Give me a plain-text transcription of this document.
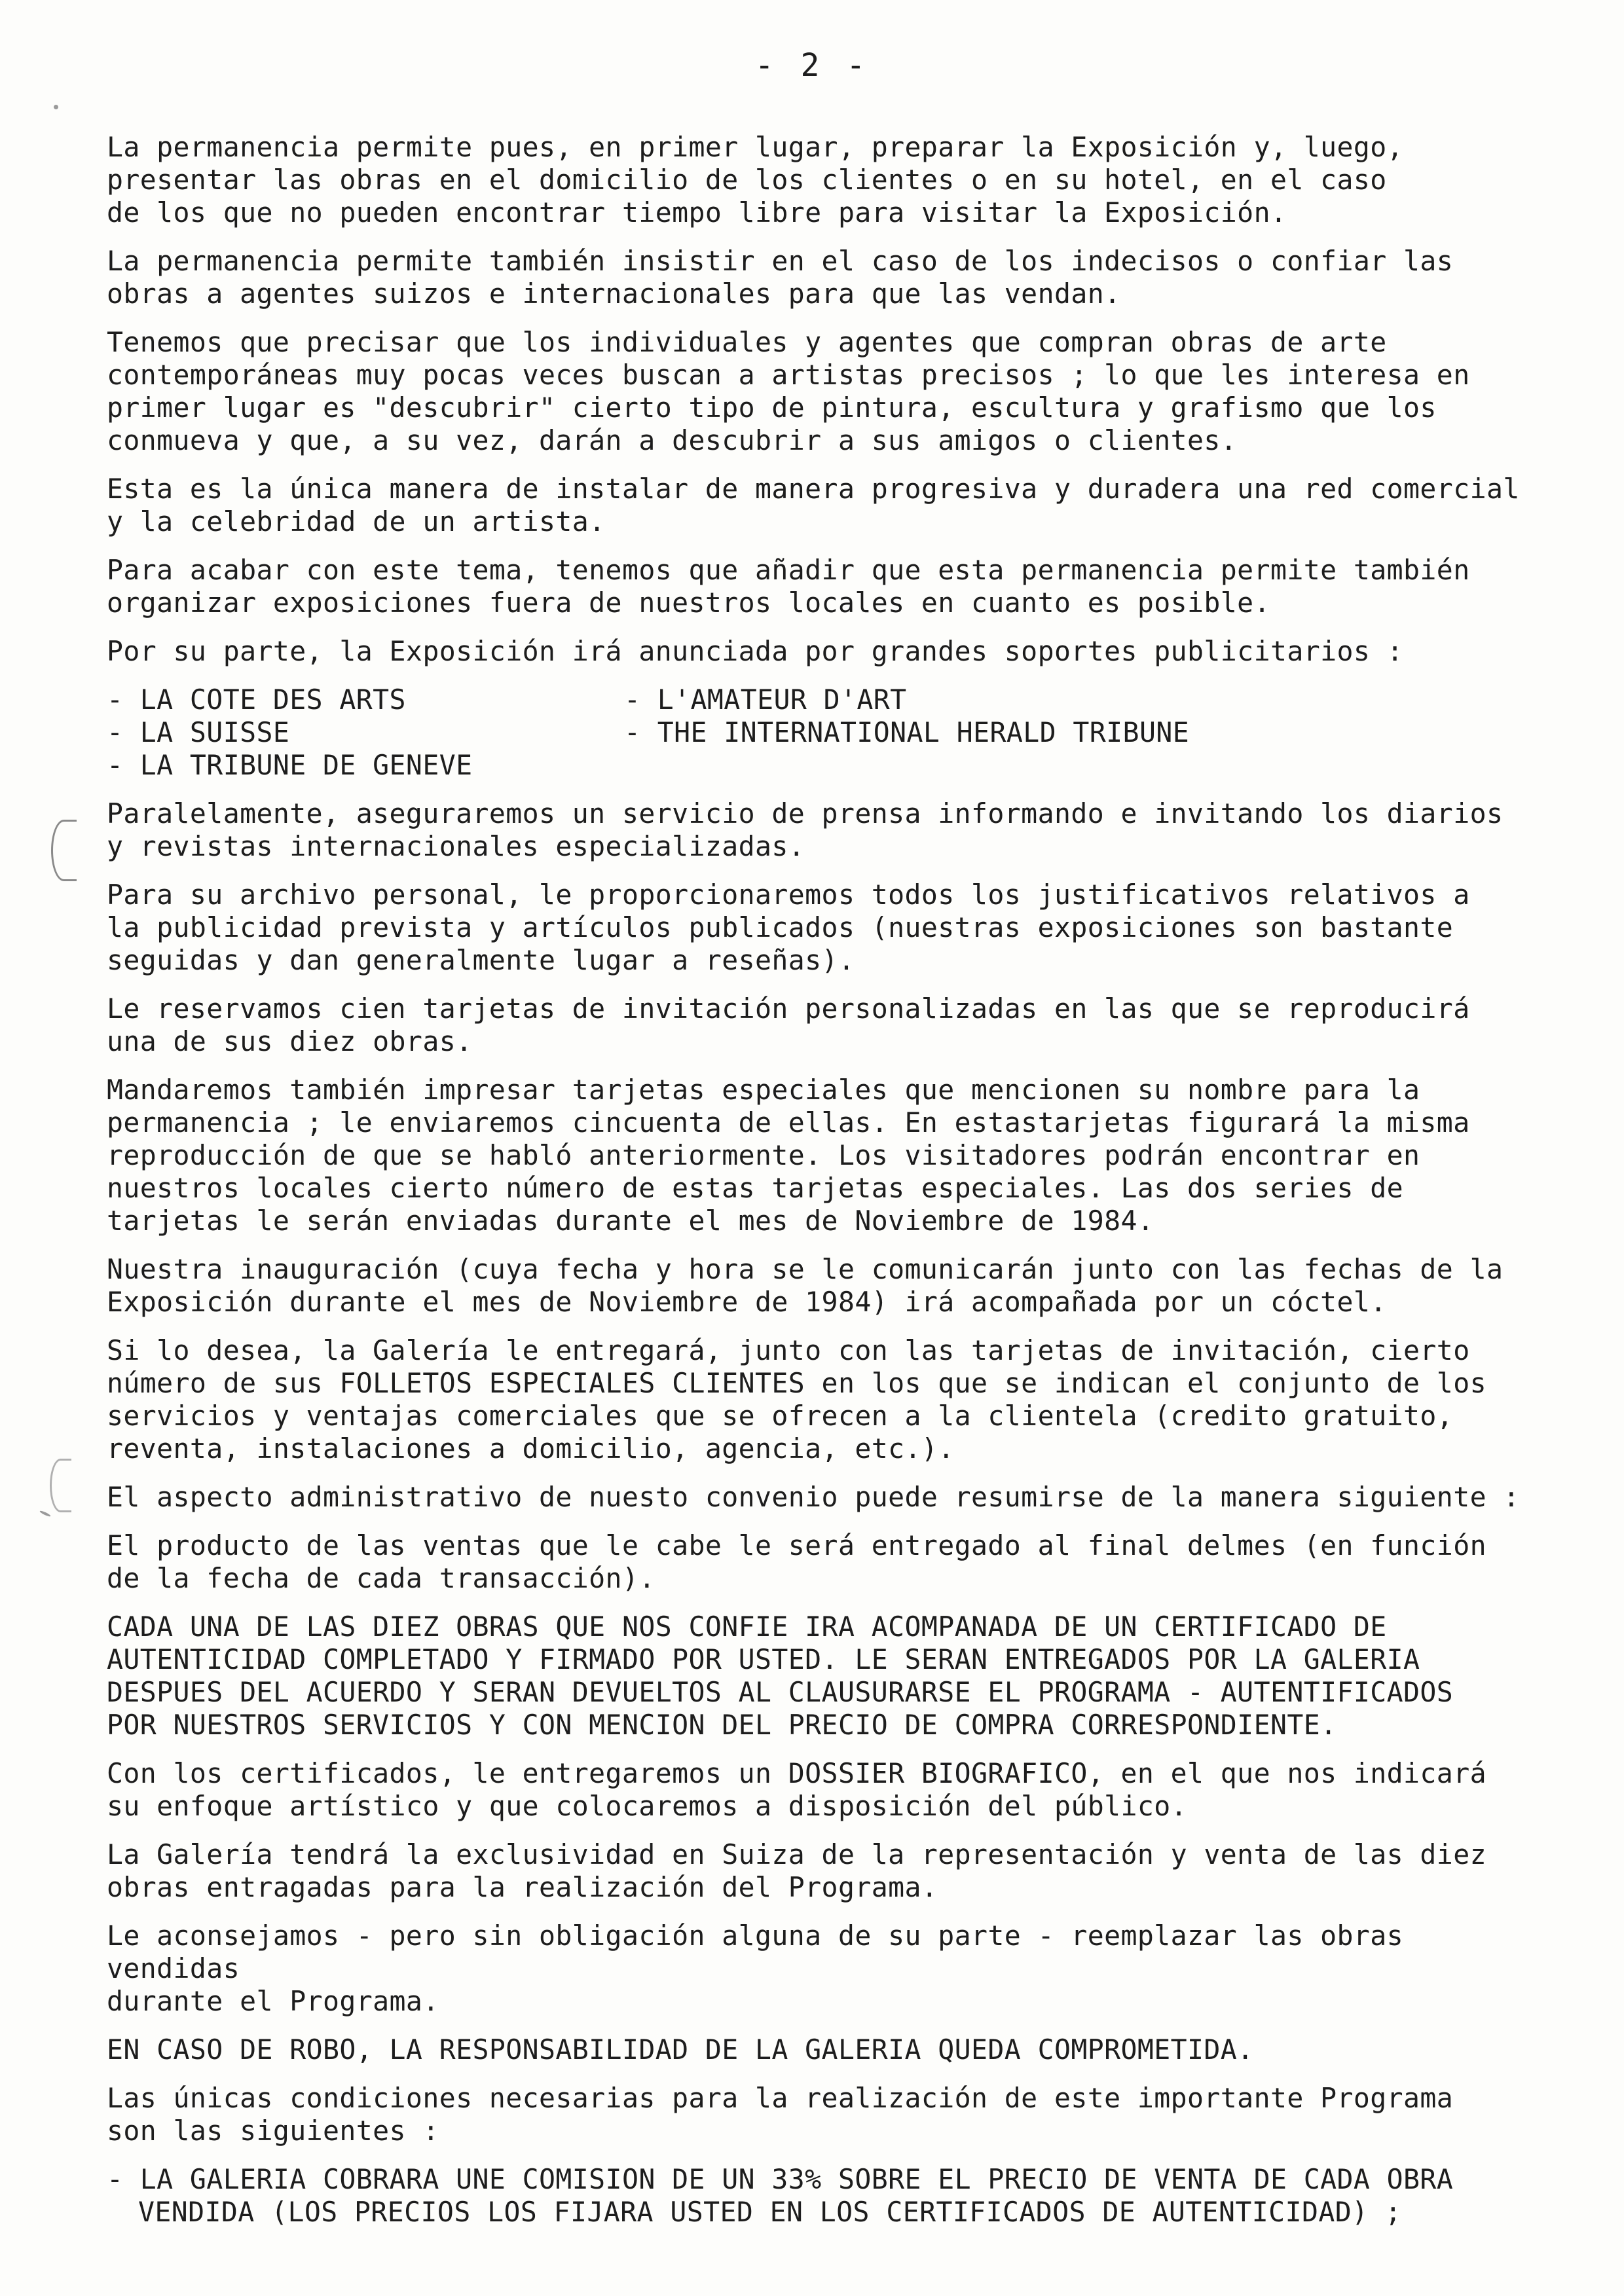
- 2 -

La permanencia permite pues, en primer lugar, preparar la Exposición y, luego,
presentar las obras en el domicilio de los clientes o en su hotel, en el caso
de los que no pueden encontrar tiempo libre para visitar la Exposición.

La permanencia permite también insistir en el caso de los indecisos o confiar las
obras a agentes suizos e internacionales para que las vendan.

Tenemos que precisar que los individuales y agentes que compran obras de arte
contemporáneas muy pocas veces buscan a artistas precisos ; lo que les interesa en
primer lugar es "descubrir" cierto tipo de pintura, escultura y grafismo que los
conmueva y que, a su vez, darán a descubrir a sus amigos o clientes.

Esta es la única manera de instalar de manera progresiva y duradera una red comercial
y la celebridad de un artista.

Para acabar con este tema, tenemos que añadir que esta permanencia permite también
organizar exposiciones fuera de nuestros locales en cuanto es posible.

Por su parte, la Exposición irá anunciada por grandes soportes publicitarios :

- LA COTE DES ARTS
- LA SUISSE
- LA TRIBUNE DE GENEVE
- L'AMATEUR D'ART
- THE INTERNATIONAL HERALD TRIBUNE

Paralelamente, aseguraremos un servicio de prensa informando e invitando los diarios
y revistas internacionales especializadas.

Para su archivo personal, le proporcionaremos todos los justificativos relativos a
la publicidad prevista y artículos publicados (nuestras exposiciones son bastante
seguidas y dan generalmente lugar a reseñas).

Le reservamos cien tarjetas de invitación personalizadas en las que se reproducirá
una de sus diez obras.

Mandaremos también impresar tarjetas especiales que mencionen su nombre para la
permanencia ; le enviaremos cincuenta de ellas. En estastarjetas figurará la misma
reproducción de que se habló anteriormente. Los visitadores podrán encontrar en
nuestros locales cierto número de estas tarjetas especiales. Las dos series de
tarjetas le serán enviadas durante el mes de Noviembre de 1984.

Nuestra inauguración (cuya fecha y hora se le comunicarán junto con las fechas de la
Exposición durante el mes de Noviembre de 1984) irá acompañada por un cóctel.

Si lo desea, la Galería le entregará, junto con las tarjetas de invitación, cierto
número de sus FOLLETOS ESPECIALES CLIENTES en los que se indican el conjunto de los
servicios y ventajas comerciales que se ofrecen a la clientela (credito gratuito,
reventa, instalaciones a domicilio, agencia, etc.).

El aspecto administrativo de nuesto convenio puede resumirse de la manera siguiente :

El producto de las ventas que le cabe le será entregado al final delmes (en función
de la fecha de cada transacción).

CADA UNA DE LAS DIEZ OBRAS QUE NOS CONFIE IRA ACOMPANADA DE UN CERTIFICADO DE
AUTENTICIDAD COMPLETADO Y FIRMADO POR USTED. LE SERAN ENTREGADOS POR LA GALERIA
DESPUES DEL ACUERDO Y SERAN DEVUELTOS AL CLAUSURARSE EL PROGRAMA - AUTENTIFICADOS
POR NUESTROS SERVICIOS Y CON MENCION DEL PRECIO DE COMPRA CORRESPONDIENTE.

Con los certificados, le entregaremos un DOSSIER BIOGRAFICO, en el que nos indicará
su enfoque artístico y que colocaremos a disposición del público.

La Galería tendrá la exclusividad en Suiza de la representación y venta de las diez
obras entragadas para la realización del Programa.

Le aconsejamos - pero sin obligación alguna de su parte - reemplazar las obras vendidas
durante el Programa.

EN CASO DE ROBO, LA RESPONSABILIDAD DE LA GALERIA QUEDA COMPROMETIDA.

Las únicas condiciones necesarias para la realización de este importante Programa
son las siguientes :

- LA GALERIA COBRARA UNE COMISION DE UN 33% SOBRE EL PRECIO DE VENTA DE CADA OBRA
VENDIDA (LOS PRECIOS LOS FIJARA USTED EN LOS CERTIFICADOS DE AUTENTICIDAD) ;
